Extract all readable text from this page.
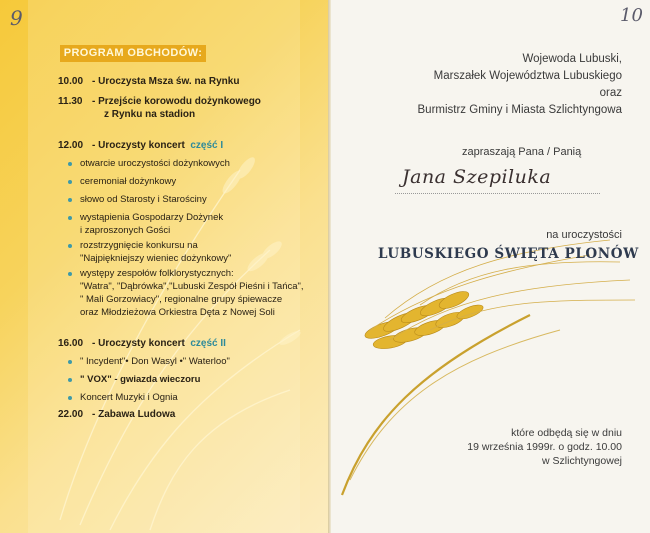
9	10
PROGRAM OBCHODÓW:
10.00 - Uroczysta Msza św. na Rynku
11.30 - Przejście korowodu dożynkowego
z Rynku na stadion
12.00 - Uroczysty koncert część I
otwarcie uroczystości dożynkowych
ceremoniał dożynkowy
słowo od Starosty i Starościny
wystąpienia Gospodarzy Dożynek
i zaproszonych Gości
rozstrzygnięcie konkursu na
"Najpiękniejszy wieniec dożynkowy"
występy zespołów folklorystycznych:
"Watra", "Dąbrówka","Lubuski Zespół Pieśni i Tańca",
" Mali Gorzowiacy", regionalne grupy śpiewacze
oraz Młodzieżowa Orkiestra Dęta z Nowej Soli
16.00 - Uroczysty koncert część II
" Incydent"• Don Wasyl •" Waterloo"
" VOX" - gwiazda wieczoru
Koncert Muzyki i Ognia
22.00 - Zabawa Ludowa
Wojewoda Lubuski,
Marszałek Województwa Lubuskiego
oraz
Burmistrz Gminy i Miasta Szlichtyngowa
zapraszają Pana / Panią
Jana Szepiluka
na uroczystości
LUBUSKIEGO ŚWIĘTA PLONÓW
które odbędą się w dniu
19 września 1999r. o godz. 10.00
w Szlichtyngowej
